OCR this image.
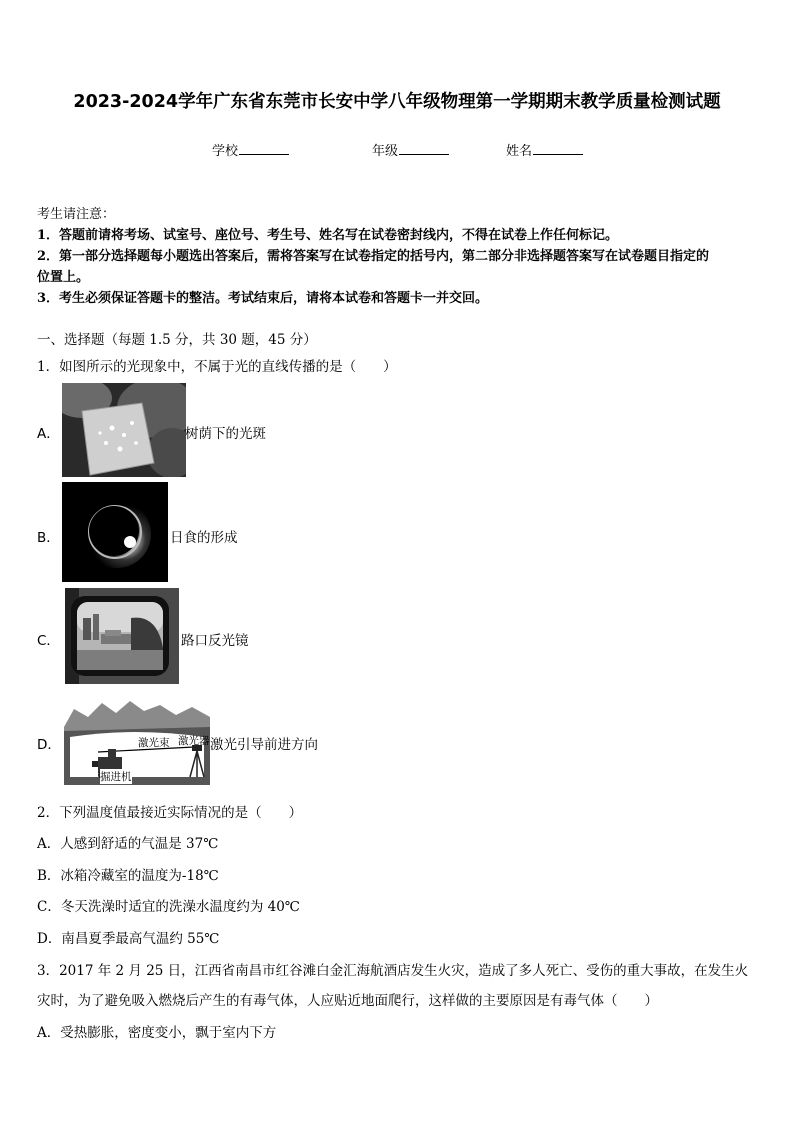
2023-2024学年广东省东莞市长安中学八年级物理第一学期期末教学质量检测试题
学校	年级	姓名
考生请注意：
1．答题前请将考场、试室号、座位号、考生号、姓名写在试卷密封线内，不得在试卷上作任何标记。
2．第一部分选择题每小题选出答案后，需将答案写在试卷指定的括号内，第二部分非选择题答案写在试卷题目指定的
位置上。
3．考生必须保证答题卡的整洁。考试结束后，请将本试卷和答题卡一并交回。
一、选择题（每题 1.5 分，共 30 题，45 分）
1．如图所示的光现象中，不属于光的直线传播的是（　　）
A．	树荫下的光斑
B．	日食的形成
C．	路口反光镜
D．	激光束 激光器
掘进机
激光引导前进方向
2．下列温度值最接近实际情况的是（　　）
A．人感到舒适的气温是 37℃
B．冰箱冷藏室的温度为-18℃
C．冬天洗澡时适宜的洗澡水温度约为 40℃
D．南昌夏季最高气温约 55℃
3．2017 年 2 月 25 日，江西省南昌市红谷滩白金汇海航酒店发生火灾，造成了多人死亡、受伤的重大事故，在发生火
灾时，为了避免吸入燃烧后产生的有毒气体，人应贴近地面爬行，这样做的主要原因是有毒气体（　　）
A．受热膨胀，密度变小，飘于室内下方
